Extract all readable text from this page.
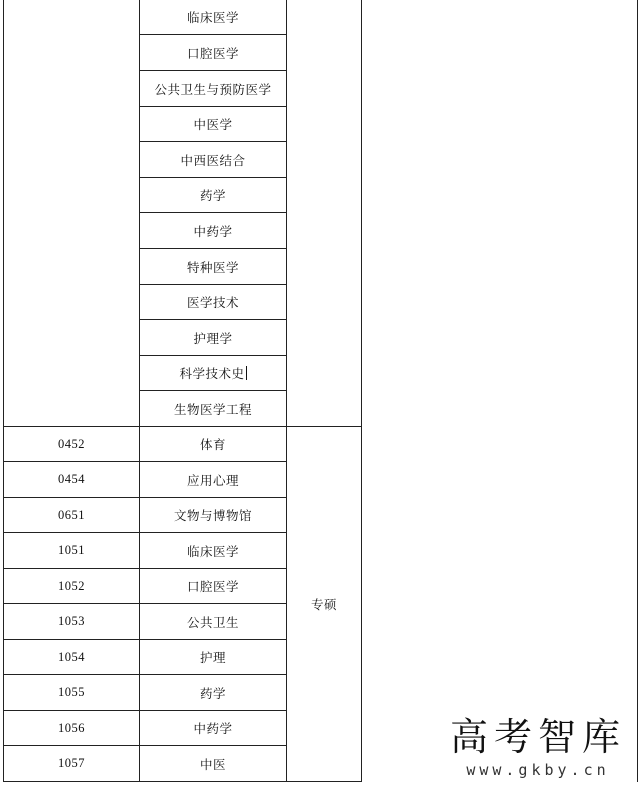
	临床医学		
	口腔医学		
	公共卫生与预防医学		
	中医学		
	中西医结合		
	药学		
	中药学		
	特种医学		
	医学技术		
	护理学		
	科学技术史		
	生物医学工程		
0452	体育	专硕	
0454	应用心理		
0651	文物与博物馆		
1051	临床医学		
1052	口腔医学		
1053	公共卫生		
1054	护理		
1055	药学		
1056	中药学		
1057	中医		
高考智库
www.gkby.cn
